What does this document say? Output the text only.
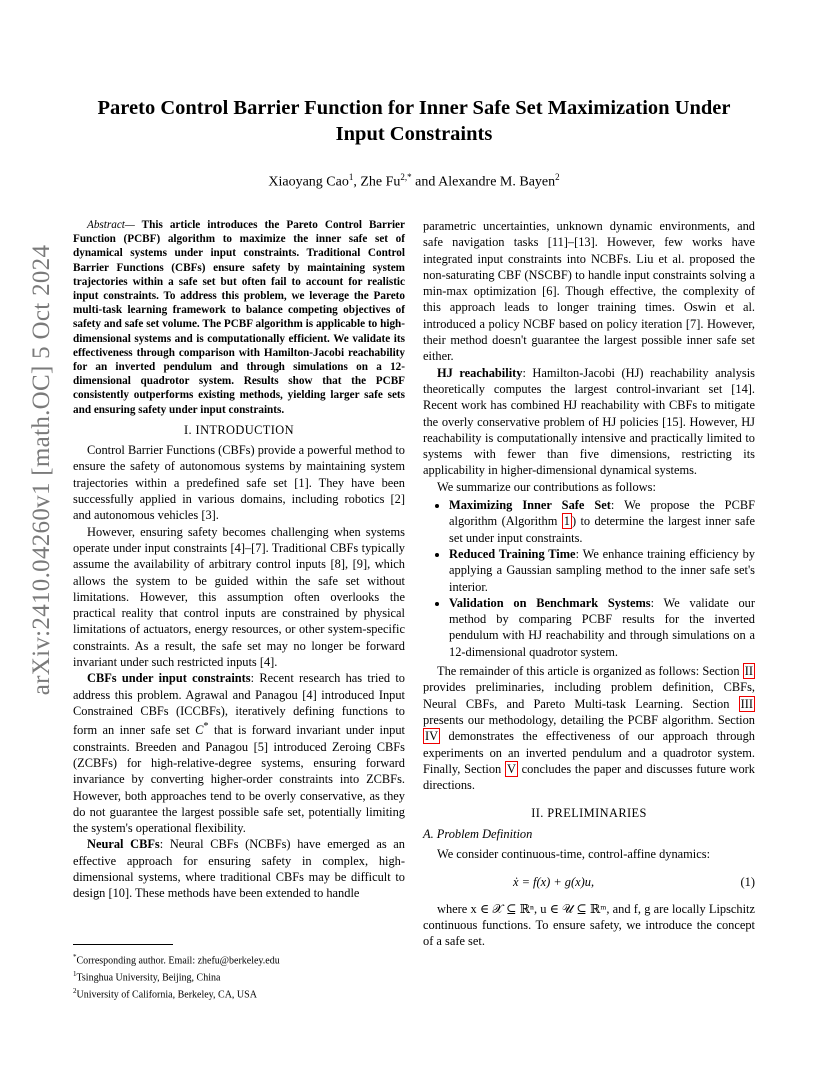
arXiv:2410.04260v1 [math.OC] 5 Oct 2024
Pareto Control Barrier Function for Inner Safe Set Maximization Under Input Constraints
Xiaoyang Cao$^1$, Zhe $Fu^{2,*}$ and Alexandre M. Bayen$^2$

Abstract— This article introduces the Pareto Control Barrier Function (PCBF) algorithm to maximize the inner safe set of dynamical systems under input constraints. Traditional Control Barrier Functions (CBFs) ensure safety by maintaining system trajectories within a safe set but often fail to account for realistic input constraints. To address this problem, we leverage the Pareto multi-task learning framework to balance competing objectives of safety and safe set volume. The PCBF algorithm is applicable to high-dimensional systems and is computationally efficient. We validate its effectiveness through comparison with Hamilton-Jacobi reachability for an inverted pendulum and through simulations on a 12-dimensional quadrotor system. Results show that the PCBF consistently outperforms existing methods, yielding larger safe sets and ensuring safety under input constraints.

I. INTRODUCTION

Control Barrier Functions (CBFs) provide a powerful method to ensure the safety of autonomous systems by maintaining system trajectories within a predefined safe set [1]. They have been successfully applied in various domains, including robotics [2] and autonomous vehicles [3].

However, ensuring safety becomes challenging when systems operate under input constraints [4]–[7]. Traditional CBFs typically assume the availability of arbitrary control inputs [8], [9], which allows the system to be guided within the safe set without limitations. However, this assumption often overlooks the practical reality that control inputs are constrained by physical limitations of actuators, energy resources, or other system-specific constraints. As a result, the safe set may no longer be forward invariant under such restricted inputs [4].

CBFs under input constraints: Recent research has tried to address this problem. Agrawal and Panagou [4] introduced Input Constrained CBFs (ICCBFs), iteratively defining functions to form an inner safe set C* that is forward invariant under input constraints. Breeden and Panagou [5] introduced Zeroing CBFs (ZCBFs) for high-relative-degree systems, ensuring forward invariance by converting higher-order constraints into ZCBFs. However, both approaches tend to be overly conservative, as they do not guarantee the largest possible safe set, potentially limiting the system's operational flexibility.

Neural CBFs: Neural CBFs (NCBFs) have emerged as an effective approach for ensuring safety in complex, high-dimensional systems, where traditional CBFs may be difficult to design [10]. These methods have been extended to handle

*Corresponding author. Email: zhefu@berkeley.edu
$^1$Tsinghua University, Beijing, China
$^2$University of California, Berkeley, CA, USA

parametric uncertainties, unknown dynamic environments, and safe navigation tasks [11]–[13]. However, few works have integrated input constraints into NCBFs. Liu et al. proposed the non-saturating CBF (NSCBF) to handle input constraints solving a min-max optimization [6]. Though effective, the complexity of this approach leads to longer training times. Oswin et al. introduced a policy NCBF based on policy iteration [7]. However, their method doesn't guarantee the largest possible inner safe set either.

HJ reachability: Hamilton-Jacobi (HJ) reachability analysis theoretically computes the largest control-invariant set [14]. Recent work has combined HJ reachability with CBFs to mitigate the overly conservative problem of HJ policies [15]. However, HJ reachability is computationally intensive and practically limited to systems with fewer than five dimensions, restricting its applicability in higher-dimensional dynamical systems.

We summarize our contributions as follows:

• Maximizing Inner Safe Set: We propose the PCBF algorithm (Algorithm 1 ) to determine the largest inner safe set under input constraints.
• Reduced Training Time: We enhance training efficiency by applying a Gaussian sampling method to the inner safe set's interior.
• Validation on Benchmark Systems: We validate our method by comparing PCBF results for the inverted pendulum with HJ reachability and through simulations on a 12-dimensional quadrotor system.

The remainder of this article is organized as follows: Section II provides preliminaries, including problem definition, CBFs, Neural CBFs, and Pareto Multi-task Learning. Section III presents our methodology, detailing the PCBF algorithm. Section IV demonstrates the effectiveness of our approach through experiments on an inverted pendulum and a quadrotor system. Finally, Section V concludes the paper and discusses future work directions.

II. PRELIMINARIES
A. Problem Definition

We consider continuous-time, control-affine dynamics:

ẋ = f(x) + g(x)u,	(1)

where x ∈ 𝒳 ⊆ ℝⁿ, u ∈ 𝒰 ⊆ ℝᵐ, and f, g are locally Lipschitz continuous functions. To ensure safety, we introduce the concept of a safe set.
